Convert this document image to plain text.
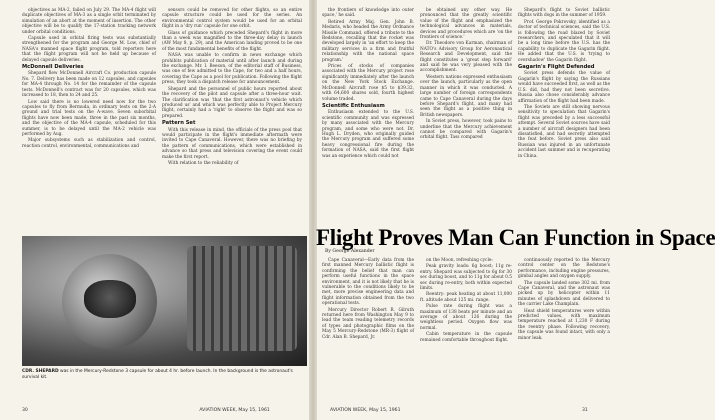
objectives as MA-2, failed on July 29. The MA-4 flight will duplicate objectives of MA-3 as a single orbit terminated by simulation of an abort at the moment of insertion. The other objective will be to qualify the 17-station tracking network under orbital conditions.

Capsule used in orbital firing tests was substantially strengthened for the program and George M. Low, chief of NASA's manned space flight program, told reporters here that the flight program will not be held up because of delayed capsule deliveries.

McDonnell Deliveries

Shepard flew McDonnell Aircraft Co. production capsule No. 7. Delivery has been made on 12 capsules, and capsules for MA-4 through No. 14 for the remainder of the capsule tests. McDonnell's contract was for 20 capsules, which was increased to 18, then to 24 and 25.

Low said there is no lowered need now for the two capsules to fly from Bermuda, in ordinary tests on the 2-A ground and trial tests on the A-wave. Seven suborbital flights have now been made, three in the past six months, and the objective of the MA-4 capsule, scheduled for this summer, is to be delayed until the MA-2 vehicle was performed by Aug.

Major subsystems such as stabilization and control, reaction control, environmental, communications and

sensors could be removed for other flights, so an entire capsule structure could be used for the series. An environmental control system would be used for an orbital flight in a 'dry run' capsule for one orbit.

Glass of guidance which preceded Shepard's flight in more than a week was magnified to the three-day delay in launch (AW May 8, p. 29), and the American landing proved to be one of the most fundamental benefits of the flight.

NASA was unable to confirm in news exchange which prohibits publication of material until after launch and during the exchange. Mr. I. Beeson, of the editorial staff of Business, was one of few admitted to the Cape, for two and a half hours, covering the Cape as a pool for publication. Following the flight press, they took a dispatch release for announcement.

Shepard and the personnel of public hours reported about the recovery of the pilot and capsule after a three-hour wait. The clarification was 'that the first astronaut's vehicle which produced us' and which was perfectly able to Project Mercury flight, certainly had a 'right' to observe the flight and was so prepared.

Pattern Set

With this release in mind, the officials of the press pool that would participate in the flight's immediate aftermath were invited to Cape Canaveral. However, there was no briefing by the pattern of communications, which were established in advance so that press and television covering the event could make the first report.

With relation to the reliability of

CDR. SHEPARD was in the Mercury-Redstone 3 capsule for about 4 hr. before launch. In the background is the astronaut's survival kit.
30	AVIATION WEEK, May 15, 1961

the frontiers of knowledge into outer space,' he said.

Retired Army Maj. Gen. John B. Medaris, who headed the Army Ordnance Missile Command, offered a tribute to the Redstone, recalling that the rocket was developed largely in 'an effort to keep the military services in a firm and fruitful relationship with the national space program.'

Prices of stocks of companies associated with the Mercury project rose significantly immediately after the launch on the New York Stock Exchange. McDonnell Aircraft rose $5 to $39.32, with 64,600 shares sold, fourth highest volume traded.

Scientific Enthusiasm

Enthusiasm extended to the U.S. scientific community and was expressed by many associated with the Mercury program, and some who were not. Dr. Hugh L. Dryden, who originally guided the Mercury program and suffered some heavy congressional fire during the formation of NASA, said the first flight was an experience which could not

be obtained any other way. He pronounced that the greatly scientific value of the flight and emphasized the technological advances in materials, devices and procedures which are 'on the frontiers of science.'

Dr. Theodore von Karman, chairman of NATO's Advisory Group for Aeronautical Research and Development, said the flight constitutes a 'great step forward' and said he was very pleased with the accomplishment.

Western nations expressed enthusiasm over the launch, particularly as the open manner in which it was conducted. A large number of foreign correspondents came to Cape Canaveral during the days before Shepard's flight, and many had seen the flight as a positive thing in British newspapers.

In Soviet press, however, took pains to underline that the Mercury achievement cannot be compared with Gagarin's orbital flight. Tass compared

Shepard's flight to Soviet ballistic flights with dogs in the summer of 1959.

Prof. George Pokrovsky, identified as a doctor of technical sciences, said the U.S. is following the road blazed by Soviet researchers, and speculated that it will be a long time before the U.S. has the capability to duplicate the Gagarin flight. He added that the U.S. is 'trying to overshadow' the Gagarin flight.

Gagarin's Flight Defended

Soviet press defends the value of Gagarin's flight by saying the Russians would have succeeded first, as well as the U.S. did, had they not been secretive. Russia also chose considerably advance affirmation of the flight had been made.

The Soviets are still showing nervous sensitivity to speculation that Gagarin's flight was preceded by a less successful attempt. Several Soviet sources have said a number of aircraft designers had been dissatisfied, and had secretly attempted the feat before. Soviet press also said Russian was injured in an unfortunate accident last summer and is recuperating in China.

Flight Proves Man Can Function in Space
By George Alexander

Cape Canaveral—Early data from the first manned Mercury ballistic flight is confirming the belief that man can perform useful functions in the space environment, and it is not likely that he is vulnerable to the conditions likely to be met, more precise engineering data and flight information obtained from the two operational tests.

Mercury Director Robert R. Gilruth returned here from Washington May 9 to lead the team reading telemetry records of types and photographic films on the May 5 Mercury-Redstone (MR-3) flight of Cdr. Alan B. Shepard, Jr.

on the Moon, refreshing cycle:

Peak gravity loads: 6g boost; 11g re-entry. Shepard was subjected to 6g for 30 sec during boost, and to 11g for about 0.5 sec during re-entry, both within expected limits.

Reentry: peak heating at about 11,000 ft. altitude about 125 mi. range.

Pulse rate during flight was a maximum of 138 beats per minute and an average of about 126 during the weightless period. Oxygen flow was normal.

Cabin temperature in the capsule remained comfortable throughout flight.

continuously reported to the Mercury control center on the Redstone's performance, including engine pressures, gimbal angles and oxygen supply.

The capsule landed some 302 mi. from Cape Canaveral, and the astronaut was picked up by helicopter within 11 minutes of splashdown and delivered to the carrier Lake Champlain.

Heat shield temperatures were within predicted values, with maximum temperature reached at 1,230 F during the reentry phase. Following recovery, the capsule was found intact, with only a minor leak.

AVIATION WEEK, May 15, 1961	31
